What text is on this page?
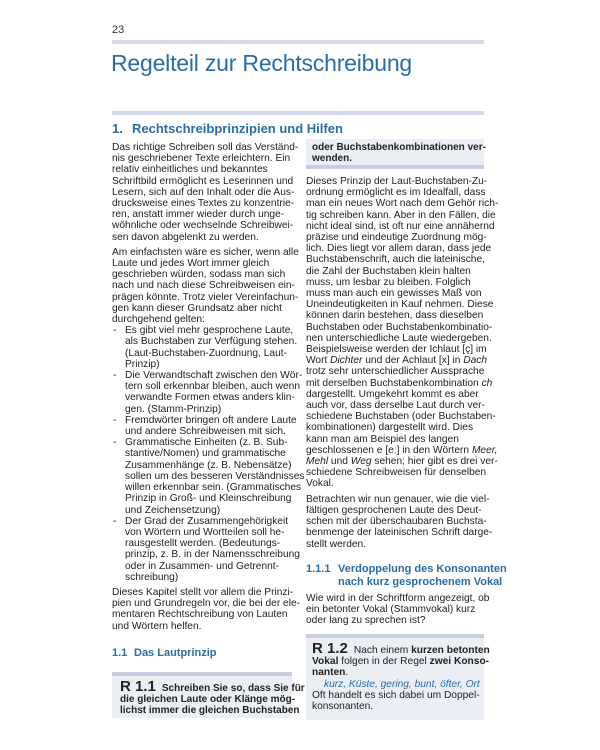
23
Regelteil zur Rechtschreibung
1. Rechtschreibprinzipien und Hilfen
Das richtige Schreiben soll das Verständ-
nis geschriebener Texte erleichtern. Ein
relativ einheitliches und bekanntes
Schriftbild ermöglicht es Leserinnen und
Lesern, sich auf den Inhalt oder die Aus-
drucksweise eines Textes zu konzentrie-
ren, anstatt immer wieder durch unge-
wöhnliche oder wechselnde Schreibwei-
sen davon abgelenkt zu werden.
Am einfachsten wäre es sicher, wenn alle
Laute und jedes Wort immer gleich
geschrieben würden, sodass man sich
nach und nach diese Schreibweisen ein-
prägen könnte. Trotz vieler Vereinfachun-
gen kann dieser Grundsatz aber nicht
durchgehend gelten:
- Es gibt viel mehr gesprochene Laute,
als Buchstaben zur Verfügung stehen.
(Laut-Buchstaben-Zuordnung, Laut-
Prinzip)
- Die Verwandtschaft zwischen den Wör-
tern soll erkennbar bleiben, auch wenn
verwandte Formen etwas anders klin-
gen. (Stamm-Prinzip)
- Fremdwörter bringen oft andere Laute
und andere Schreibweisen mit sich.
- Grammatische Einheiten (z. B. Sub-
stantive/Nomen) und grammatische
Zusammenhänge (z. B. Nebensätze)
sollen um des besseren Verständnisses
willen erkennbar sein. (Grammatisches
Prinzip in Groß- und Kleinschreibung
und Zeichensetzung)
- Der Grad der Zusammengehörigkeit
von Wörtern und Wortteilen soll he-
rausgestellt werden. (Bedeutungs-
prinzip, z. B. in der Namensschreibung
oder in Zusammen- und Getrennt-
schreibung)
Dieses Kapitel stellt vor allem die Prinzi-
pien und Grundregeln vor, die bei der ele-
mentaren Rechtschreibung von Lauten
und Wörtern helfen.
1.1 Das Lautprinzip
R 1.1 Schreiben Sie so, dass Sie für
die gleichen Laute oder Klänge mög-
lichst immer die gleichen Buchstaben
oder Buchstabenkombinationen ver-
wenden.
Dieses Prinzip der Laut-Buchstaben-Zu-
ordnung ermöglicht es im Idealfall, dass
man ein neues Wort nach dem Gehör rich-
tig schreiben kann. Aber in den Fällen, die
nicht ideal sind, ist oft nur eine annähernd
präzise und eindeutige Zuordnung mög-
lich. Dies liegt vor allem daran, dass jede
Buchstabenschrift, auch die lateinische,
die Zahl der Buchstaben klein halten
muss, um lesbar zu bleiben. Folglich
muss man auch ein gewisses Maß von
Uneindeutigkeiten in Kauf nehmen. Diese
können darin bestehen, dass dieselben
Buchstaben oder Buchstabenkombinatio-
nen unterschiedliche Laute wiedergeben.
Beispielsweise werden der Ichlaut [ç] im
Wort Dichter und der Achlaut [x] in Dach
trotz sehr unterschiedlicher Aussprache
mit derselben Buchstabenkombination ch
dargestellt. Umgekehrt kommt es aber
auch vor, dass derselbe Laut durch ver-
schiedene Buchstaben (oder Buchstaben-
kombinationen) dargestellt wird. Dies
kann man am Beispiel des langen
geschlossenen e [eː] in den Wörtern Meer,
Mehl und Weg sehen; hier gibt es drei ver-
schiedene Schreibweisen für denselben
Vokal.
Betrachten wir nun genauer, wie die viel-
fältigen gesprochenen Laute des Deut-
schen mit der überschaubaren Buchsta-
benmenge der lateinischen Schrift darge-
stellt werden.
1.1.1 Verdoppelung des Konsonanten
nach kurz gesprochenem Vokal
Wie wird in der Schriftform angezeigt, ob
ein betonter Vokal (Stammvokal) kurz
oder lang zu sprechen ist?
R 1.2 Nach einem kurzen betonten
Vokal folgen in der Regel zwei Konso-
nanten.
kurz, Küste, gering, bunt, öfter, Ort
Oft handelt es sich dabei um Doppel-
konsonanten.
